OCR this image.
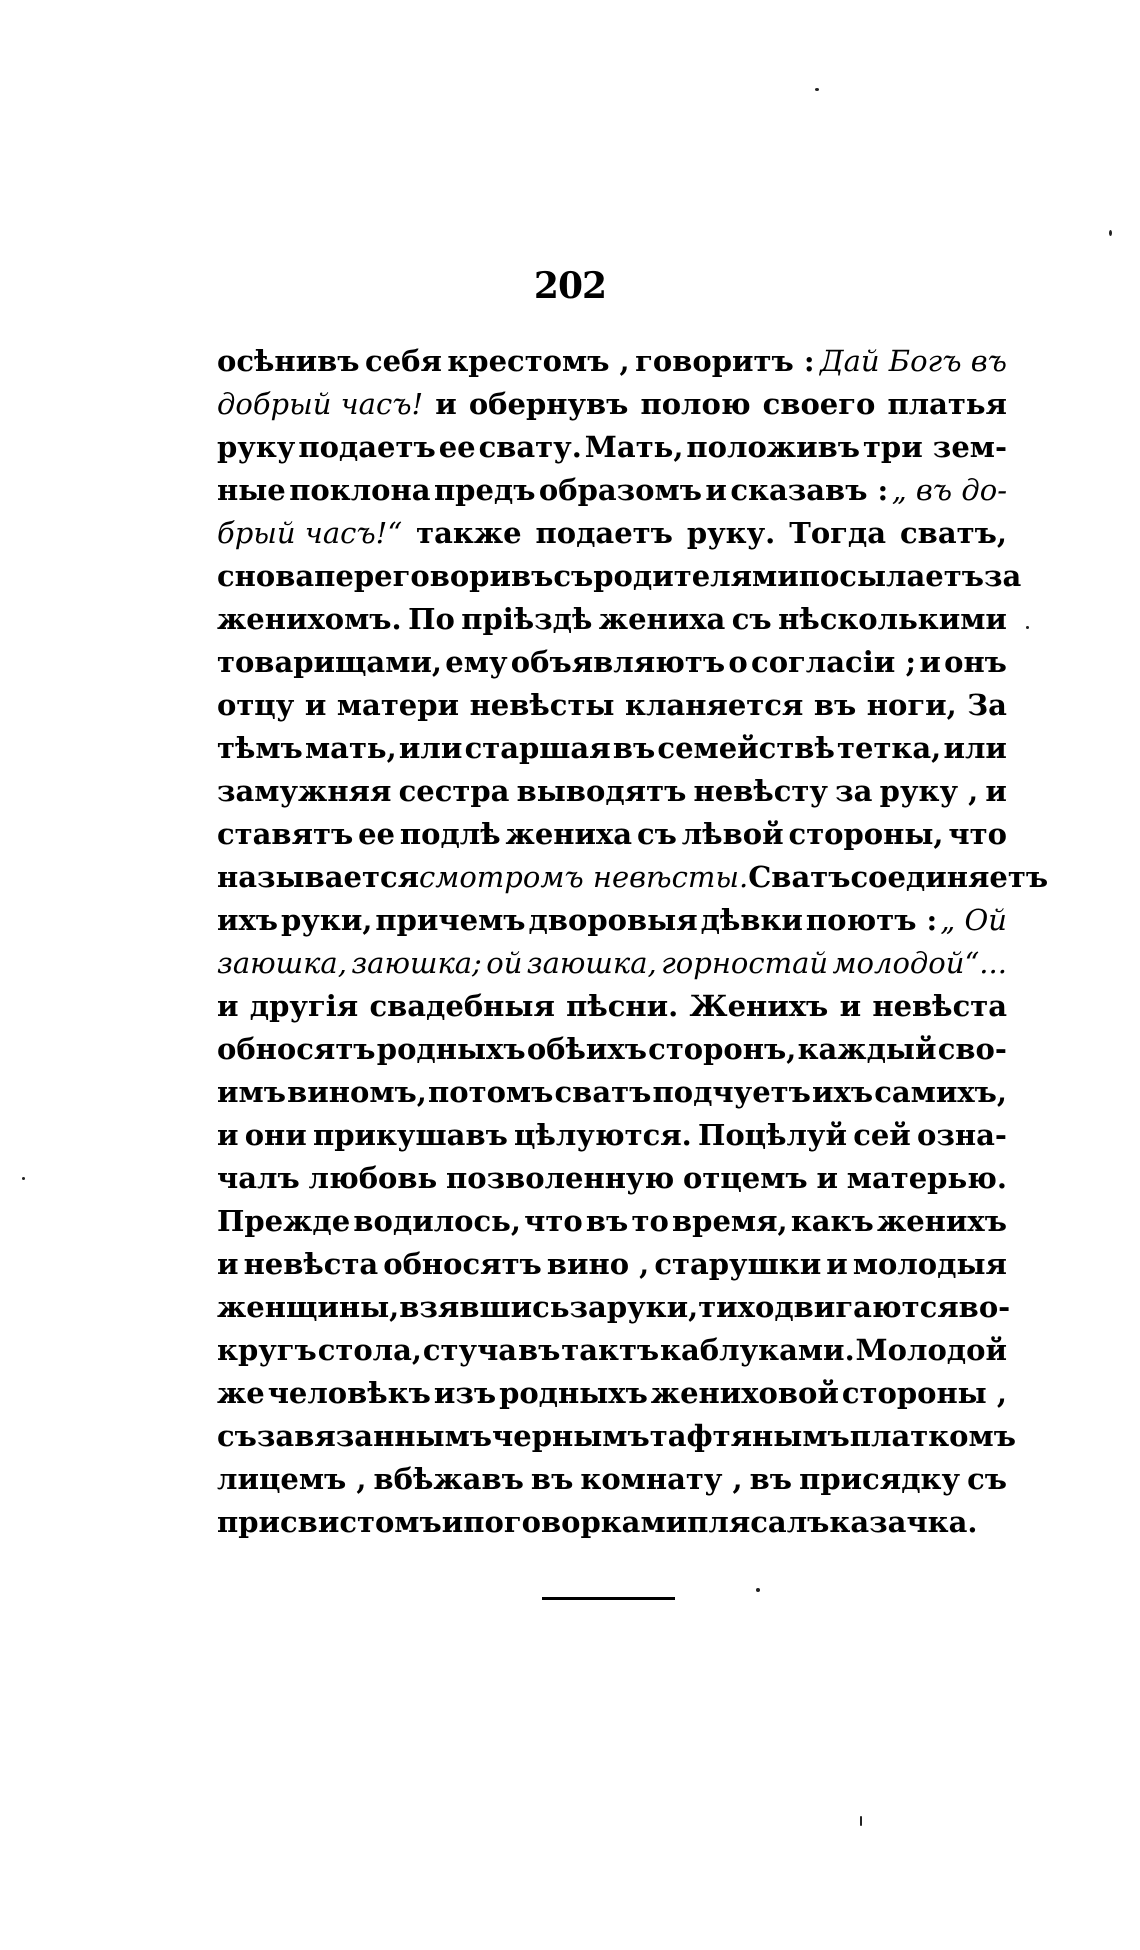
202
осѣнивъ себя крестомъ , говоритъ : Дай Богъ въ
добрый часъ! и обернувъ полою своего платья
руку подаетъ ее свату. Мать, положивъ три зем-
ные поклона предъ образомъ и сказавъ : „ въ до-
брый часъ!“ также подаетъ руку. Тогда сватъ,
снова переговоривъ съ родителями посылаетъ за
женихомъ. По пріѣздѣ жениха съ нѣсколькими
товарищами, ему объявляютъ о согласіи ; и онъ
отцу и матери невѣсты кланяется въ ноги, За
тѣмъ мать, или старшая въ семействѣ тетка, или
замужняя сестра выводятъ невѣсту за руку , и
ставятъ ее подлѣ жениха съ лѣвой стороны, что
называется смотромъ невѣсты. Сватъ соединяетъ
ихъ руки, причемъ дворовыя дѣвки поютъ : „ Ой
заюшка, заюшка; ой заюшка, горностай молодой“...
и другія свадебныя пѣсни. Женихъ и невѣста
обносятъ родныхъ обѣихъ сторонъ, каждый сво-
имъ виномъ, потомъ сватъ подчуетъ ихъ самихъ,
и они прикушавъ цѣлуются. Поцѣлуй сей озна-
чалъ любовь позволенную отцемъ и матерью.
Прежде водилось, что въ то время, какъ женихъ
и невѣста обносятъ вино , старушки и молодыя
женщины, взявшись за руки, тихо двигаются во-
кругъ стола, стуча въ тактъ каблуками. Молодой
же человѣкъ изъ родныхъ жениховой стороны ,
съ завязаннымъ чернымъ тафтянымъ платкомъ
лицемъ , вбѣжавъ въ комнату , въ присядку съ
присвистомъ и поговорками плясалъ казачка.
